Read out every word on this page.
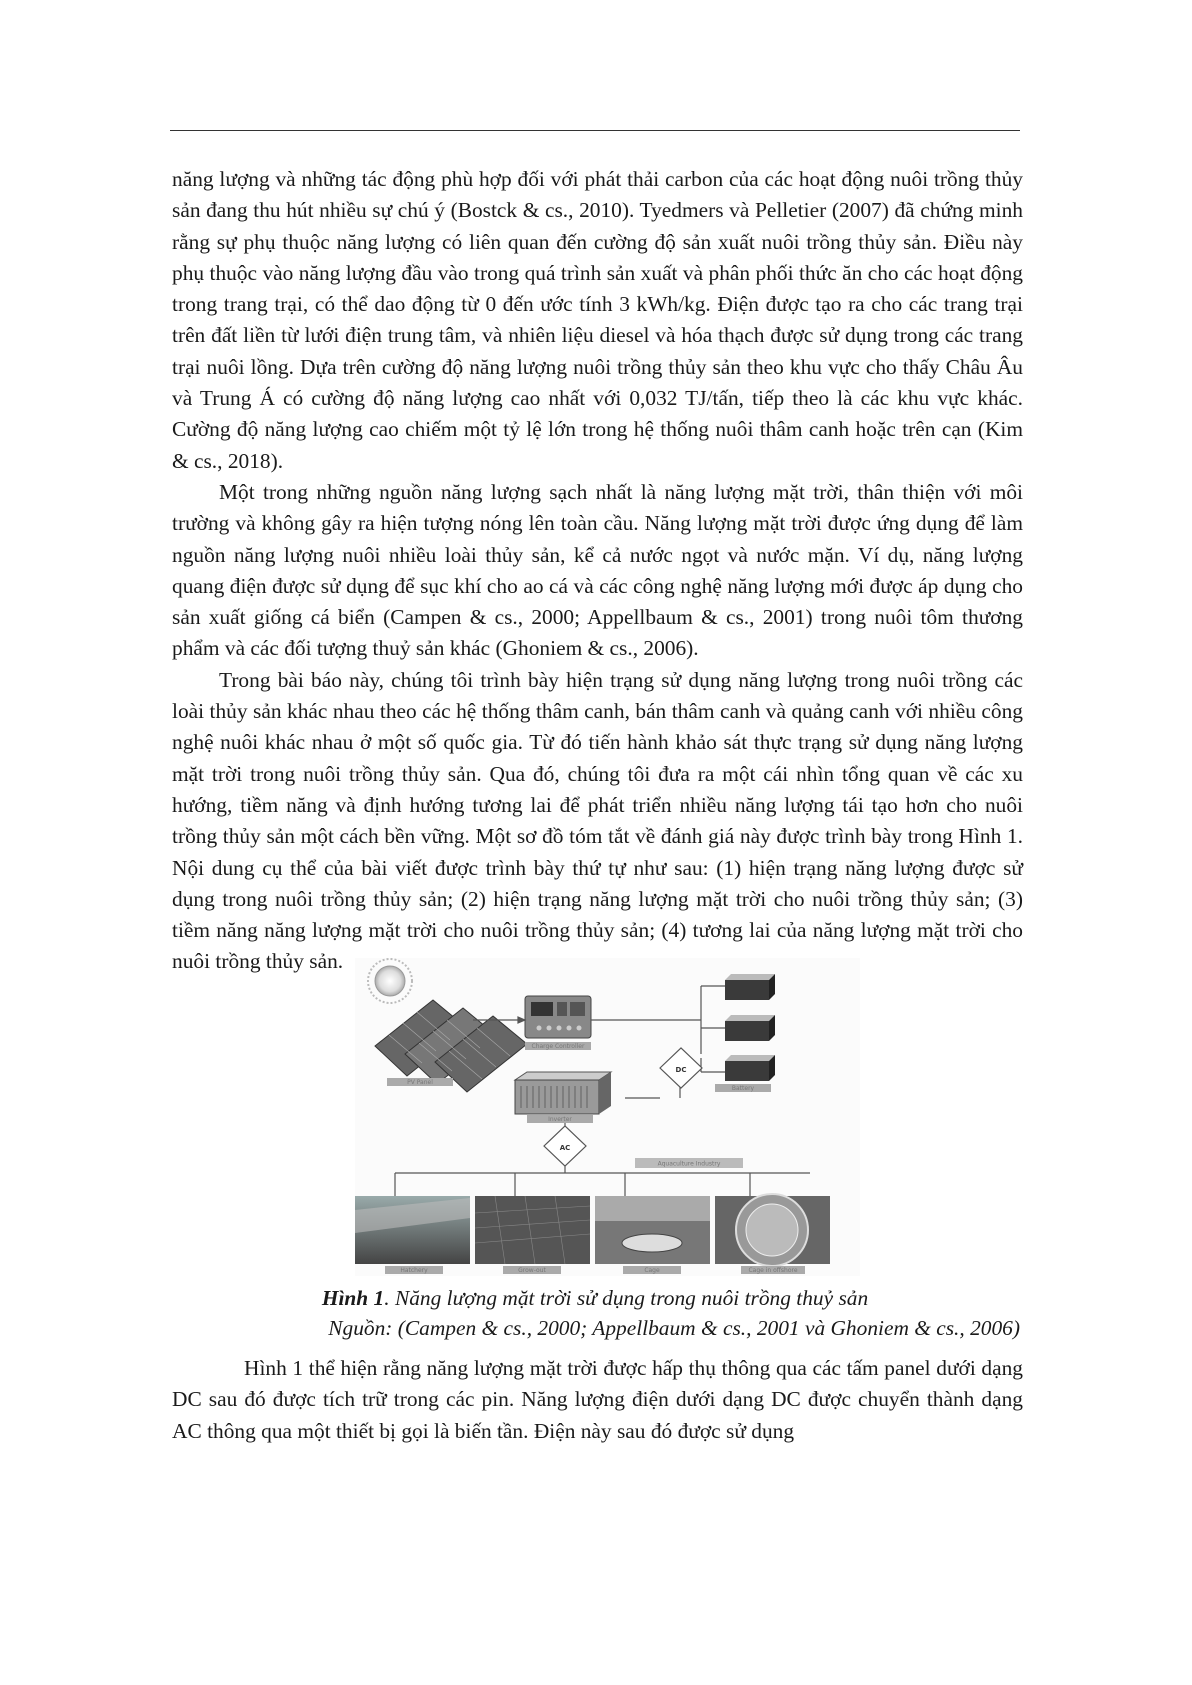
năng lượng và những tác động phù hợp đối với phát thải carbon của các hoạt động nuôi trồng thủy sản đang thu hút nhiều sự chú ý (Bostck & cs., 2010). Tyedmers và Pelletier (2007) đã chứng minh rằng sự phụ thuộc năng lượng có liên quan đến cường độ sản xuất nuôi trồng thủy sản. Điều này phụ thuộc vào năng lượng đầu vào trong quá trình sản xuất và phân phối thức ăn cho các hoạt động trong trang trại, có thể dao động từ 0 đến ước tính 3 kWh/kg. Điện được tạo ra cho các trang trại trên đất liền từ lưới điện trung tâm, và nhiên liệu diesel và hóa thạch được sử dụng trong các trang trại nuôi lồng. Dựa trên cường độ năng lượng nuôi trồng thủy sản theo khu vực cho thấy Châu Âu và Trung Á có cường độ năng lượng cao nhất với 0,032 TJ/tấn, tiếp theo là các khu vực khác. Cường độ năng lượng cao chiếm một tỷ lệ lớn trong hệ thống nuôi thâm canh hoặc trên cạn (Kim & cs., 2018).

Một trong những nguồn năng lượng sạch nhất là năng lượng mặt trời, thân thiện với môi trường và không gây ra hiện tượng nóng lên toàn cầu. Năng lượng mặt trời được ứng dụng để làm nguồn năng lượng nuôi nhiều loài thủy sản, kể cả nước ngọt và nước mặn. Ví dụ, năng lượng quang điện được sử dụng để sục khí cho ao cá và các công nghệ năng lượng mới được áp dụng cho sản xuất giống cá biển (Campen & cs., 2000; Appellbaum & cs., 2001) trong nuôi tôm thương phẩm và các đối tượng thuỷ sản khác (Ghoniem & cs., 2006).

Trong bài báo này, chúng tôi trình bày hiện trạng sử dụng năng lượng trong nuôi trồng các loài thủy sản khác nhau theo các hệ thống thâm canh, bán thâm canh và quảng canh với nhiều công nghệ nuôi khác nhau ở một số quốc gia. Từ đó tiến hành khảo sát thực trạng sử dụng năng lượng mặt trời trong nuôi trồng thủy sản. Qua đó, chúng tôi đưa ra một cái nhìn tổng quan về các xu hướng, tiềm năng và định hướng tương lai để phát triển nhiều năng lượng tái tạo hơn cho nuôi trồng thủy sản một cách bền vững. Một sơ đồ tóm tắt về đánh giá này được trình bày trong Hình 1. Nội dung cụ thể của bài viết được trình bày thứ tự như sau: (1) hiện trạng năng lượng được sử dụng trong nuôi trồng thủy sản; (2) hiện trạng năng lượng mặt trời cho nuôi trồng thủy sản; (3) tiềm năng năng lượng mặt trời cho nuôi trồng thủy sản; (4) tương lai của năng lượng mặt trời cho nuôi trồng thủy sản.

PV Panel
Charge Controller
Battery
DC
Inverter
AC
Aquaculture Industry
Hatchery	Grow-out	Cage	Cage in offshore
Hình 1. Năng lượng mặt trời sử dụng trong nuôi trồng thuỷ sản
Nguồn: (Campen & cs., 2000; Appellbaum & cs., 2001 và Ghoniem & cs., 2006)

Hình 1 thể hiện rằng năng lượng mặt trời được hấp thụ thông qua các tấm panel dưới dạng DC sau đó được tích trữ trong các pin. Năng lượng điện dưới dạng DC được chuyển thành dạng AC thông qua một thiết bị gọi là biến tần. Điện này sau đó được sử dụng
